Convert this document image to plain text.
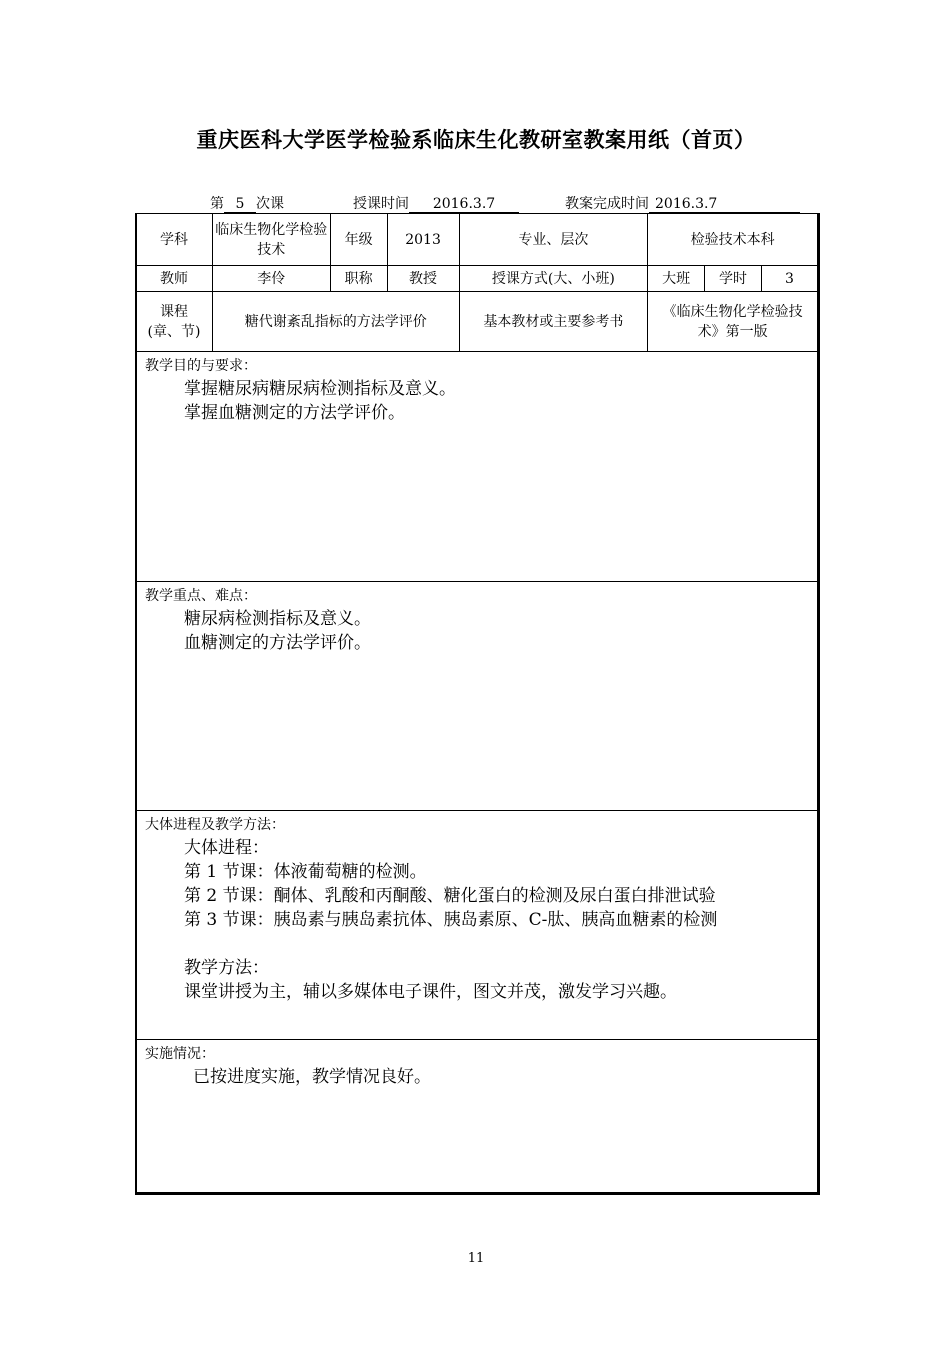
重庆医科大学医学检验系临床生化教研室教案用纸（首页）
第 5 次课	授课时间 2016.3.7	教案完成时间 2016.3.7
学科	临床生物化学检验技术	年级	2013	专业、层次	检验技术本科		
教师	李伶	职称	教授	授课方式(大、小班)	大班	学时	3

课程
(章、节)	糖代谢紊乱指标的方法学评价			基本教材或主要参考书	《临床生物化学检验技术》第一版		
教学目的与要求：
掌握糖尿病糖尿病检测指标及意义。
掌握血糖测定的方法学评价。
教学重点、难点：
糖尿病检测指标及意义。
血糖测定的方法学评价。
大体进程及教学方法：
大体进程：
第 1 节课：体液葡萄糖的检测。
第 2 节课：酮体、乳酸和丙酮酸、糖化蛋白的检测及尿白蛋白排泄试验
第 3 节课：胰岛素与胰岛素抗体、胰岛素原、C-肽、胰高血糖素的检测
教学方法：
课堂讲授为主，辅以多媒体电子课件，图文并茂，激发学习兴趣。
实施情况：
已按进度实施，教学情况良好。
11
